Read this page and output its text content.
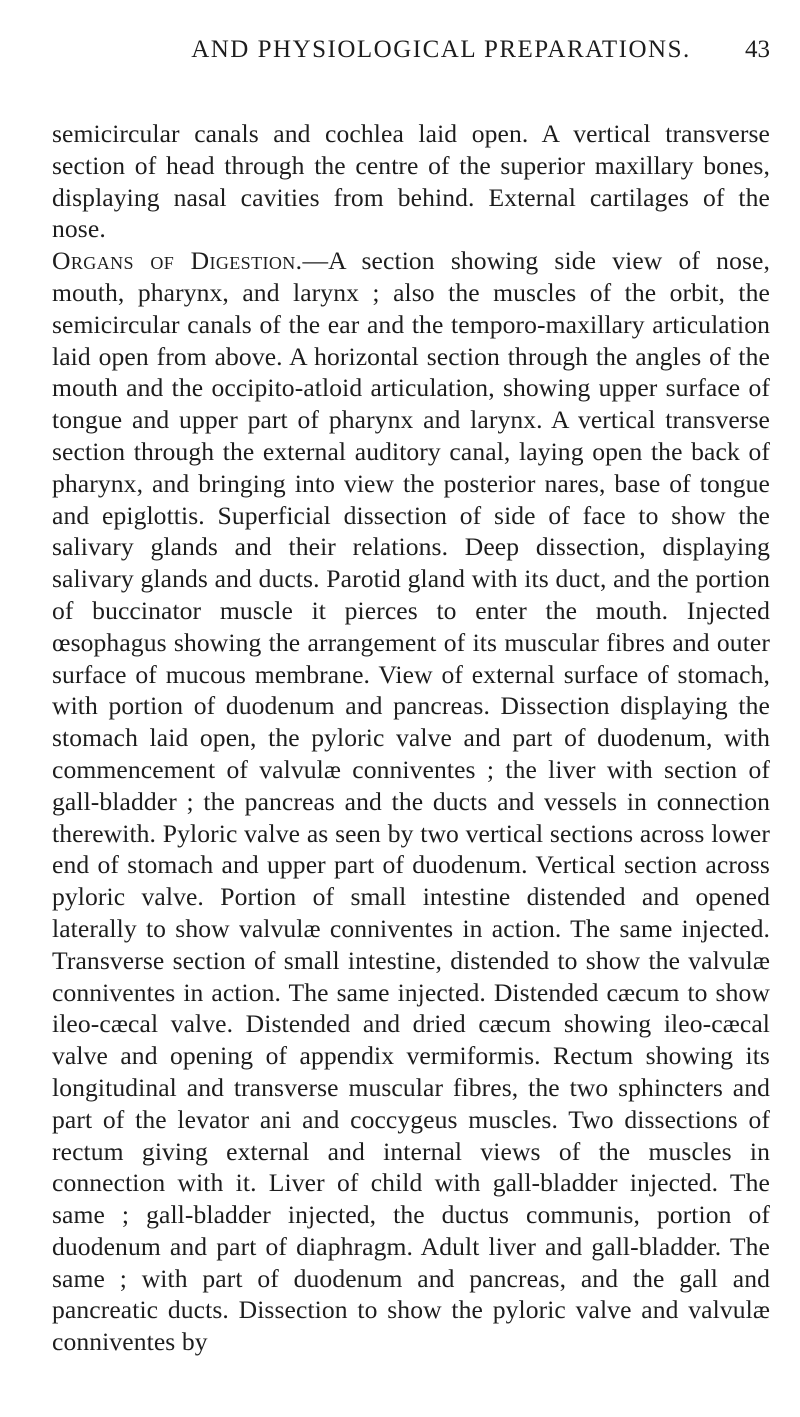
AND PHYSIOLOGICAL PREPARATIONS.	43

semicircular canals and cochlea laid open. A vertical transverse section of head through the centre of the superior maxillary bones, displaying nasal cavities from behind. External cartilages of the nose.

Organs of Digestion.—A section showing side view of nose, mouth, pharynx, and larynx ; also the muscles of the orbit, the semicircular canals of the ear and the temporo-maxillary articulation laid open from above. A horizontal section through the angles of the mouth and the occipito-atloid articulation, showing upper surface of tongue and upper part of pharynx and larynx. A vertical transverse section through the external auditory canal, laying open the back of pharynx, and bringing into view the posterior nares, base of tongue and epiglottis. Superficial dissection of side of face to show the salivary glands and their relations. Deep dissection, displaying salivary glands and ducts. Parotid gland with its duct, and the portion of buccinator muscle it pierces to enter the mouth. Injected œsophagus showing the arrangement of its muscular fibres and outer surface of mucous membrane. View of external surface of stomach, with portion of duodenum and pancreas. Dissection displaying the stomach laid open, the pyloric valve and part of duodenum, with commencement of valvulæ conniventes ; the liver with section of gall-bladder ; the pancreas and the ducts and vessels in connection therewith. Pyloric valve as seen by two vertical sections across lower end of stomach and upper part of duodenum. Vertical section across pyloric valve. Portion of small intestine distended and opened laterally to show valvulæ conniventes in action. The same injected. Transverse section of small intestine, distended to show the valvulæ conniventes in action. The same injected. Distended cæcum to show ileo-cæcal valve. Distended and dried cæcum showing ileo-cæcal valve and opening of appendix vermiformis. Rectum showing its longitudinal and transverse muscular fibres, the two sphincters and part of the levator ani and coccygeus muscles. Two dissections of rectum giving external and internal views of the muscles in connection with it. Liver of child with gall-bladder injected. The same ; gall-bladder injected, the ductus communis, portion of duodenum and part of diaphragm. Adult liver and gall-bladder. The same ; with part of duodenum and pancreas, and the gall and pancreatic ducts. Dissection to show the pyloric valve and valvulæ conniventes by
